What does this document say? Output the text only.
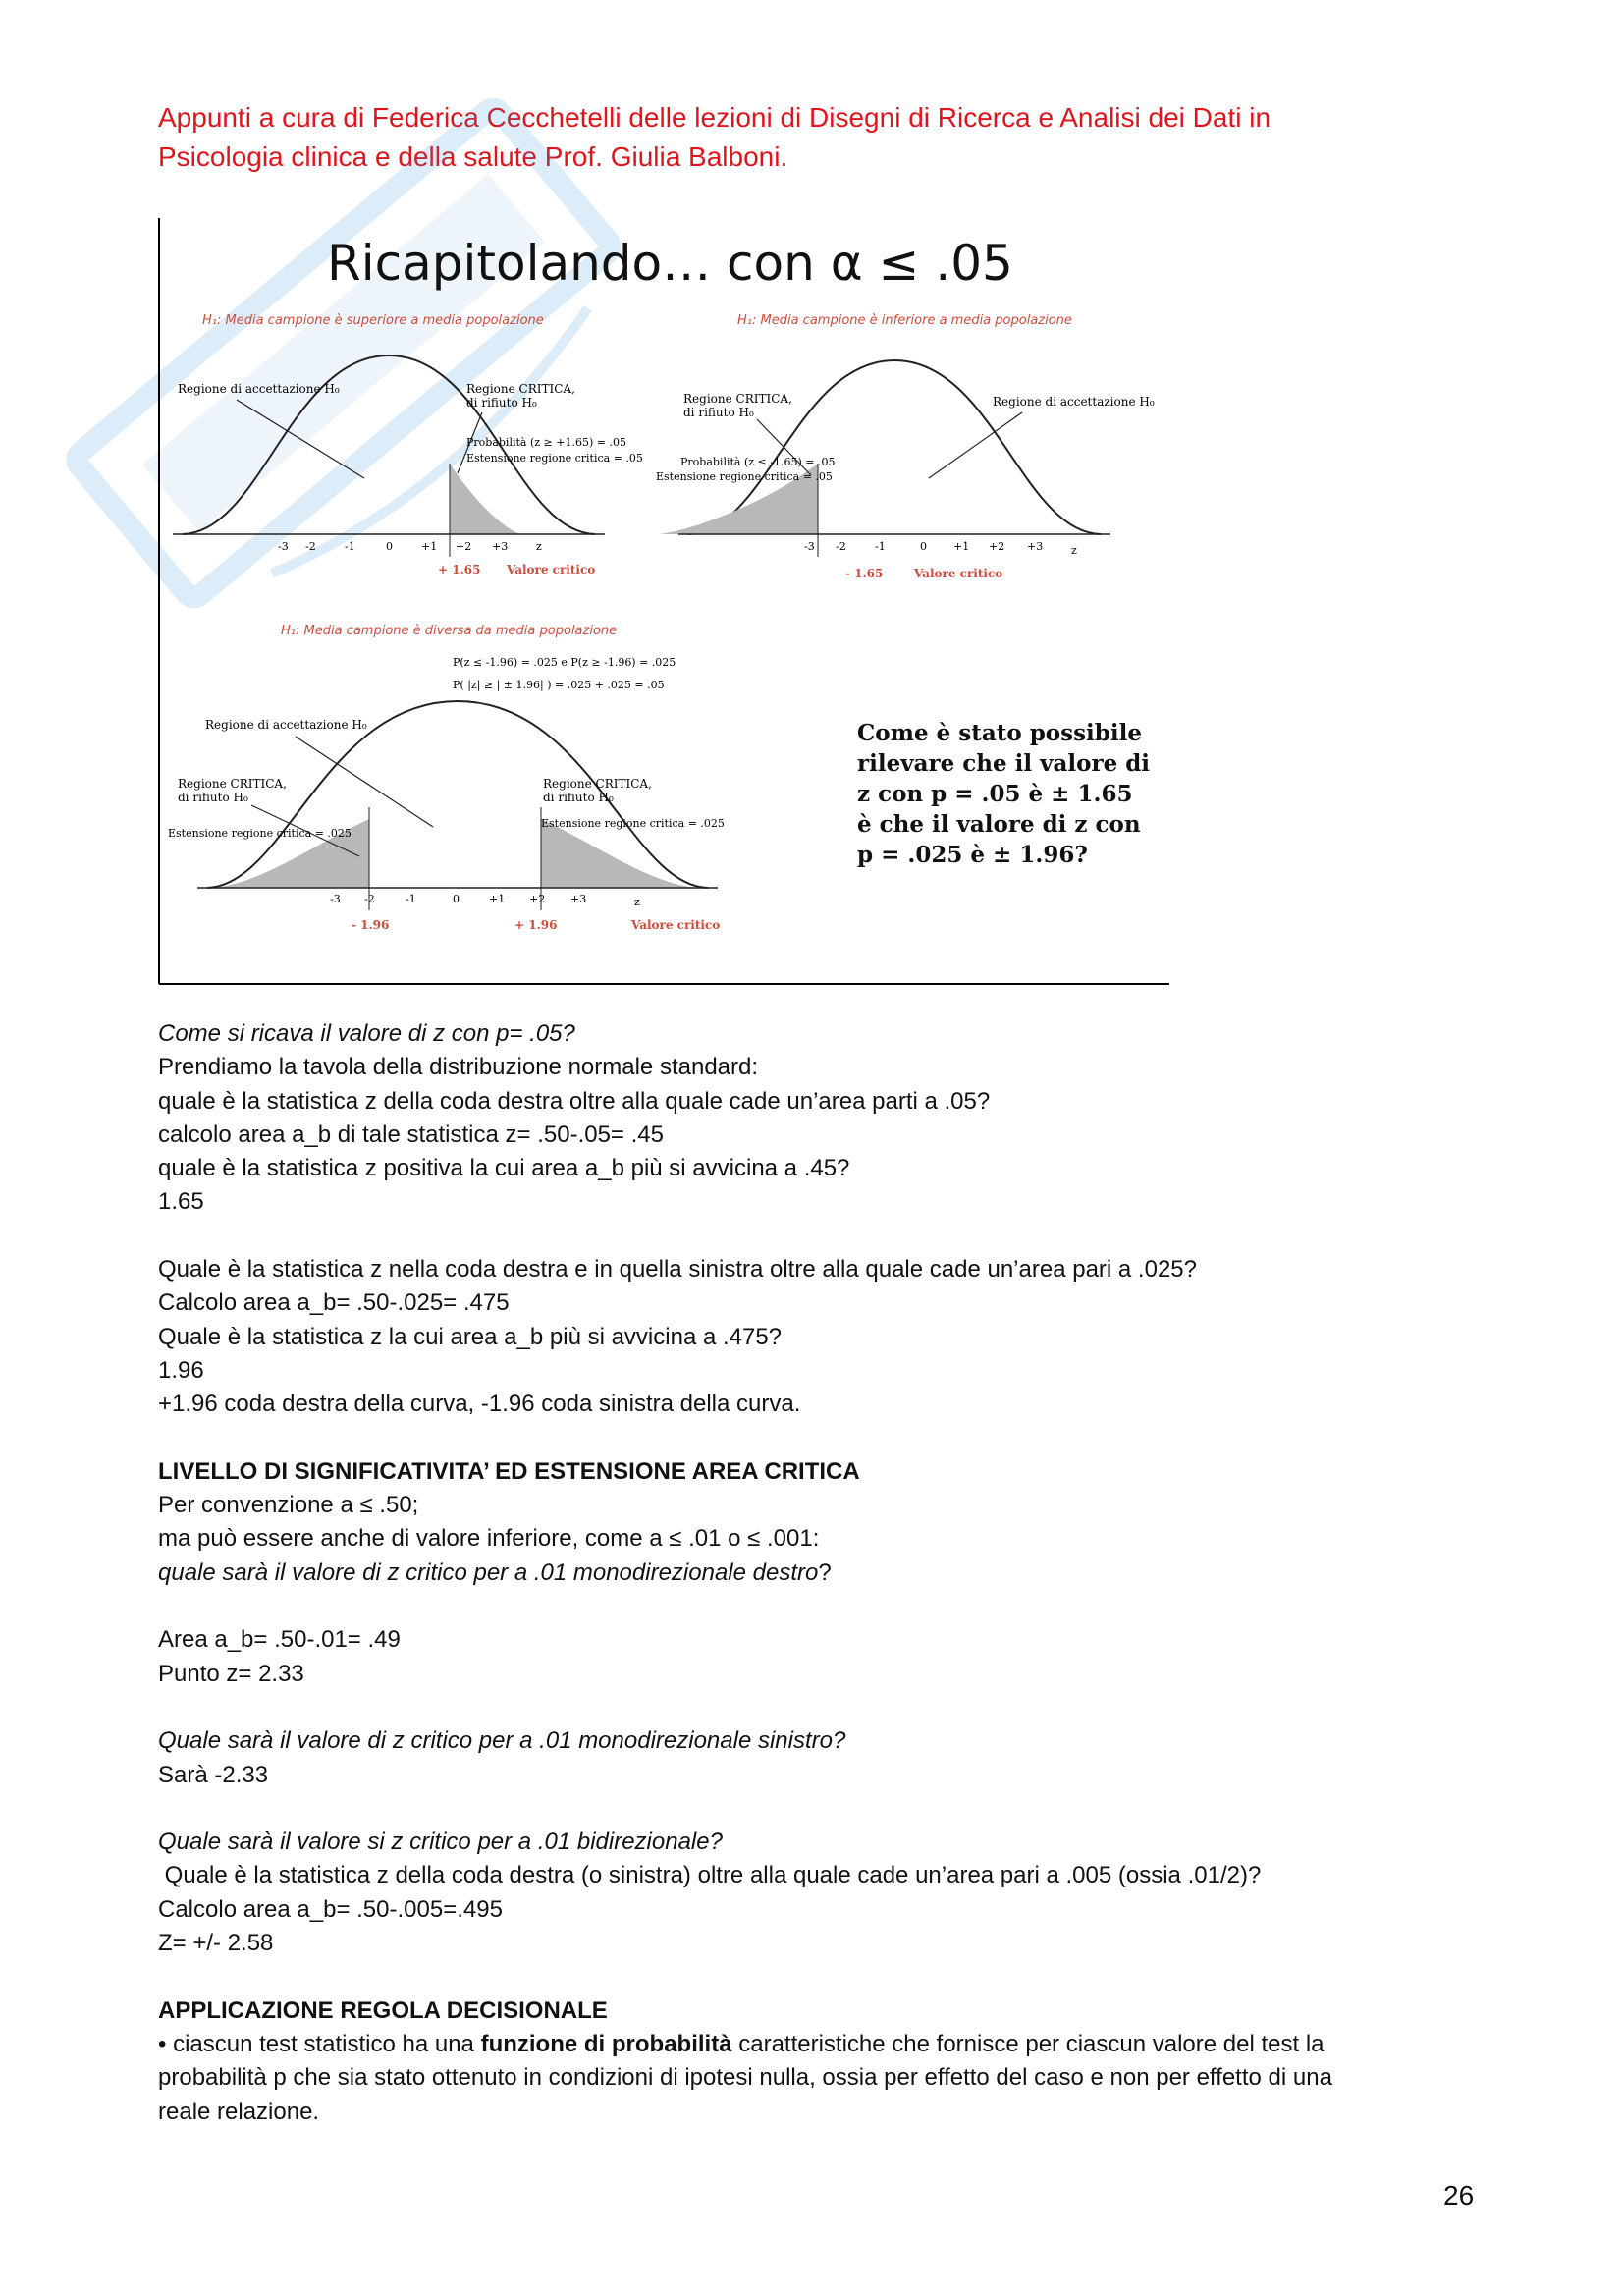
Appunti a cura di Federica Cecchetelli delle lezioni di Disegni di Ricerca e Analisi dei Dati in
Psicologia clinica e della salute Prof. Giulia Balboni.
Ricapitolando… con α ≤ .05
H₁: Media campione è superiore a media popolazione
Regione di accettazione H₀	Regione CRITICA,
di rifiuto H₀
Probabilità (z ≥ +1.65) = .05
Estensione regione critica = .05
-3 -2	-1	0	+1 +2 +3	z
+ 1.65 Valore critico
H₁: Media campione è inferiore a media popolazione
Regione CRITICA,
di rifiuto H₀
Regione di accettazione H₀
Probabilità (z ≤ -1.65) = .05
Estensione regione critica = .05
-3 -2	-1	0 +1 +2 +3	z
- 1.65	Valore critico
H₁: Media campione è diversa da media popolazione
P(z ≤ -1.96) = .025 e P(z ≥ -1.96) = .025
P( |z| ≥ | ± 1.96| ) = .025 + .025 = .05
Regione di accettazione H₀
Regione CRITICA,
di rifiuto H₀
Estensione regione critica = .025
Regione CRITICA,
di rifiuto H₀
Estensione regione critica = .025
-3 -2	-1	0	+1 +2 +3	z
- 1.96	+ 1.96	Valore critico
Come è stato possibile
rilevare che il valore di
z con p = .05 è ± 1.65
è che il valore di z con
p = .025 è ± 1.96?

Come si ricava il valore di z con p= .05?

Prendiamo la tavola della distribuzione normale standard:

quale è la statistica z della coda destra oltre alla quale cade un’area parti a .05?

calcolo area a_b di tale statistica z= .50-.05= .45

quale è la statistica z positiva la cui area a_b più si avvicina a .45?

1.65

Quale è la statistica z nella coda destra e in quella sinistra oltre alla quale cade un’area pari a .025?

Calcolo area a_b= .50-.025= .475

Quale è la statistica z la cui area a_b più si avvicina a .475?

1.96

+1.96 coda destra della curva, -1.96 coda sinistra della curva.

LIVELLO DI SIGNIFICATIVITA’ ED ESTENSIONE AREA CRITICA

Per convenzione a ≤ .50;

ma può essere anche di valore inferiore, come a ≤ .01 o ≤ .001:

quale sarà il valore di z critico per a .01 monodirezionale destro?

Area a_b= .50-.01= .49

Punto z= 2.33

Quale sarà il valore di z critico per a .01 monodirezionale sinistro?

Sarà -2.33

Quale sarà il valore si z critico per a .01 bidirezionale?

Quale è la statistica z della coda destra (o sinistra) oltre alla quale cade un’area pari a .005 (ossia .01/2)?

Calcolo area a_b= .50-.005=.495

Z= +/- 2.58

APPLICAZIONE REGOLA DECISIONALE

• ciascun test statistico ha una funzione di probabilità caratteristiche che fornisce per ciascun valore del test la

probabilità p che sia stato ottenuto in condizioni di ipotesi nulla, ossia per effetto del caso e non per effetto di una

reale relazione.

26
